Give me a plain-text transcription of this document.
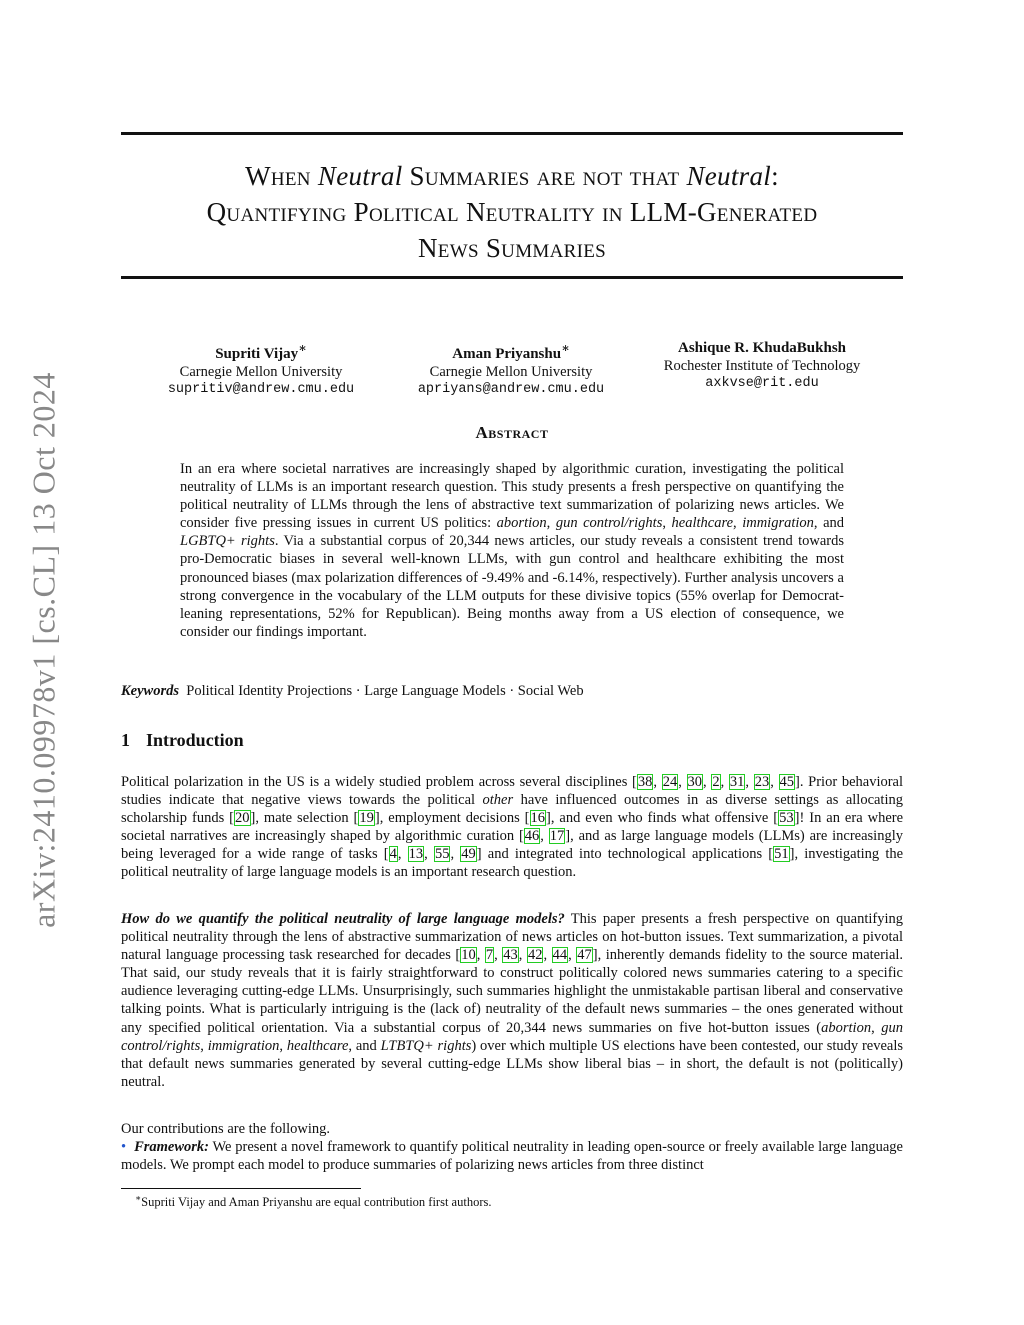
arXiv:2410.09978v1 [cs.CL] 13 Oct 2024
When Neutral Summaries are not that Neutral:
Quantifying Political Neutrality in LLM-Generated
News Summaries
Supriti Vijay∗
Carnegie Mellon University
supritiv@andrew.cmu.edu
Aman Priyanshu∗
Carnegie Mellon University
apriyans@andrew.cmu.edu
Ashique R. KhudaBukhsh
Rochester Institute of Technology
axkvse@rit.edu
Abstract
In an era where societal narratives are increasingly shaped by algorithmic curation, investigating the political neutrality of LLMs is an important research question. This study presents a fresh perspective on quantifying the political neutrality of LLMs through the lens of abstractive text summarization of polarizing news articles. We consider five pressing issues in current US politics: abortion, gun control/rights, healthcare, immigration, and LGBTQ+ rights. Via a substantial corpus of 20,344 news articles, our study reveals a consistent trend towards pro-Democratic biases in several well-known LLMs, with gun control and healthcare exhibiting the most pronounced biases (max polarization differences of -9.49% and -6.14%, respectively). Further analysis uncovers a strong convergence in the vocabulary of the LLM outputs for these divisive topics (55% overlap for Democrat-leaning representations, 52% for Republican). Being months away from a US election of consequence, we consider our findings important.
Keywords Political Identity Projections · Large Language Models · Social Web
1 Introduction
Political polarization in the US is a widely studied problem across several disciplines [38, 24, 30, 2, 31, 23, 45]. Prior behavioral studies indicate that negative views towards the political other have influenced outcomes in as diverse settings as allocating scholarship funds [20], mate selection [19], employment decisions [16], and even who finds what offensive [53]! In an era where societal narratives are increasingly shaped by algorithmic curation [46, 17], and as large language models (LLMs) are increasingly being leveraged for a wide range of tasks [4, 13, 55, 49] and integrated into technological applications [51], investigating the political neutrality of large language models is an important research question.
How do we quantify the political neutrality of large language models? This paper presents a fresh perspective on quantifying political neutrality through the lens of abstractive summarization of news articles on hot-button issues. Text summarization, a pivotal natural language processing task researched for decades [10, 7, 43, 42, 44, 47], inherently demands fidelity to the source material. That said, our study reveals that it is fairly straightforward to construct politically colored news summaries catering to a specific audience leveraging cutting-edge LLMs. Unsurprisingly, such summaries highlight the unmistakable partisan liberal and conservative talking points. What is particularly intriguing is the (lack of) neutrality of the default news summaries – the ones generated without any specified political orientation. Via a substantial corpus of 20,344 news summaries on five hot-button issues (abortion, gun control/rights, immigration, healthcare, and LTBTQ+ rights) over which multiple US elections have been contested, our study reveals that default news summaries generated by several cutting-edge LLMs show liberal bias – in short, the default is not (politically) neutral.
Our contributions are the following.
• Framework: We present a novel framework to quantify political neutrality in leading open-source or freely available large language models. We prompt each model to produce summaries of polarizing news articles from three distinct
∗Supriti Vijay and Aman Priyanshu are equal contribution first authors.
